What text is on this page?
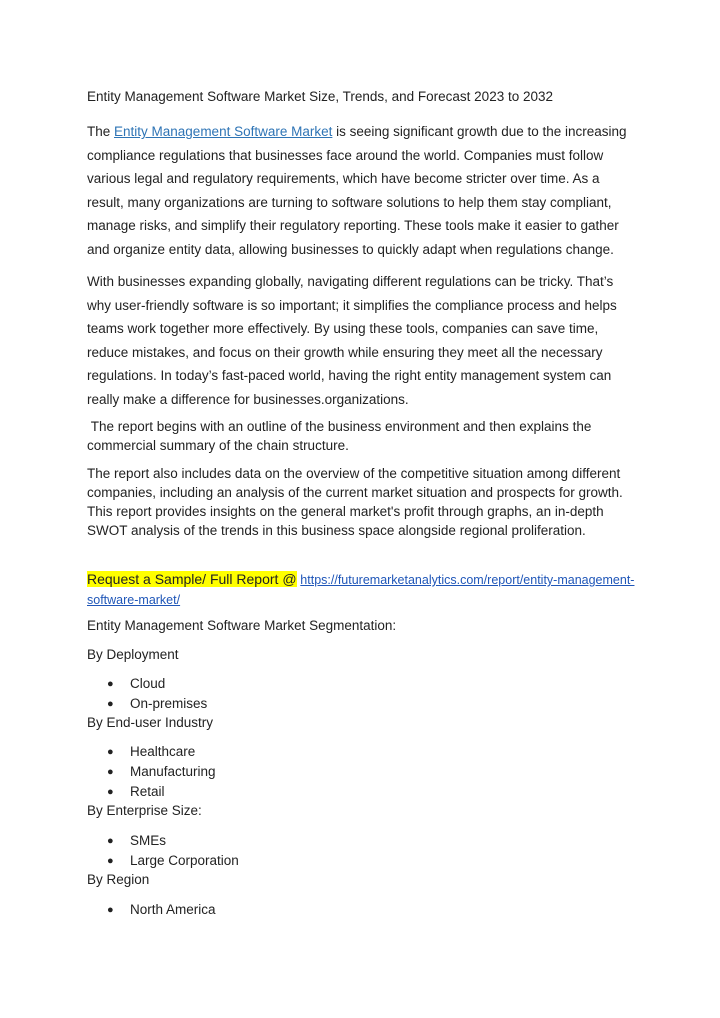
Entity Management Software Market Size, Trends, and Forecast 2023 to 2032

The Entity Management Software Market is seeing significant growth due to the increasing compliance regulations that businesses face around the world. Companies must follow various legal and regulatory requirements, which have become stricter over time. As a result, many organizations are turning to software solutions to help them stay compliant, manage risks, and simplify their regulatory reporting. These tools make it easier to gather and organize entity data, allowing businesses to quickly adapt when regulations change.

With businesses expanding globally, navigating different regulations can be tricky. That’s why user-friendly software is so important; it simplifies the compliance process and helps teams work together more effectively. By using these tools, companies can save time, reduce mistakes, and focus on their growth while ensuring they meet all the necessary regulations. In today’s fast-paced world, having the right entity management system can really make a difference for businesses.organizations.

The report begins with an outline of the business environment and then explains the commercial summary of the chain structure.

The report also includes data on the overview of the competitive situation among different companies, including an analysis of the current market situation and prospects for growth. This report provides insights on the general market's profit through graphs, an in-depth SWOT analysis of the trends in this business space alongside regional proliferation.

Request a Sample/ Full Report @ https://futuremarketanalytics.com/report/entity-management-software-market/
Entity Management Software Market Segmentation:
By Deployment
● Cloud
● On-premises
By End-user Industry
● Healthcare
● Manufacturing
● Retail
By Enterprise Size:
● SMEs
● Large Corporation
By Region
● North America
